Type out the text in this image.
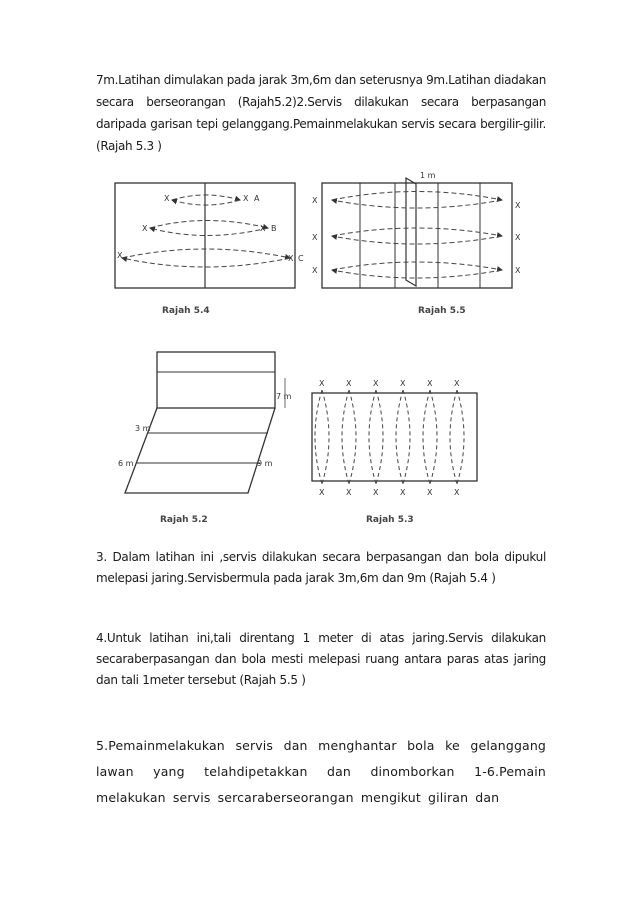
7m.Latihan dimulakan pada jarak 3m,6m dan seterusnya 9m.Latihan diadakan secara berseorangan (Rajah5.2)2.Servis dilakukan secara berpasangan daripada garisan tepi gelanggang.Pemainmelakukan servis secara bergilir-gilir. (Rajah 5.3 )

X	X A
X	X B
X	X C
Rajah 5.4
1 m
X
X
X	X
X	X
Rajah 5.5
7 m
3 m
6 m	9 m
Rajah 5.2
X	X	X	X	X	X
X	X	X	X	X	X
Rajah 5.3

3. Dalam latihan ini ,servis dilakukan secara berpasangan dan bola dipukul melepasi jaring.Servisbermula pada jarak 3m,6m dan 9m (Rajah 5.4 )

4.Untuk latihan ini,tali direntang 1 meter di atas jaring.Servis dilakukan secaraberpasangan dan bola mesti melepasi ruang antara paras atas jaring dan tali 1meter tersebut (Rajah 5.5 )

5.Pemainmelakukan servis dan menghantar bola ke gelanggang lawan yang telahdipetakkan dan dinomborkan 1-6.Pemain melakukan servis sercaraberseorangan mengikut giliran dan
